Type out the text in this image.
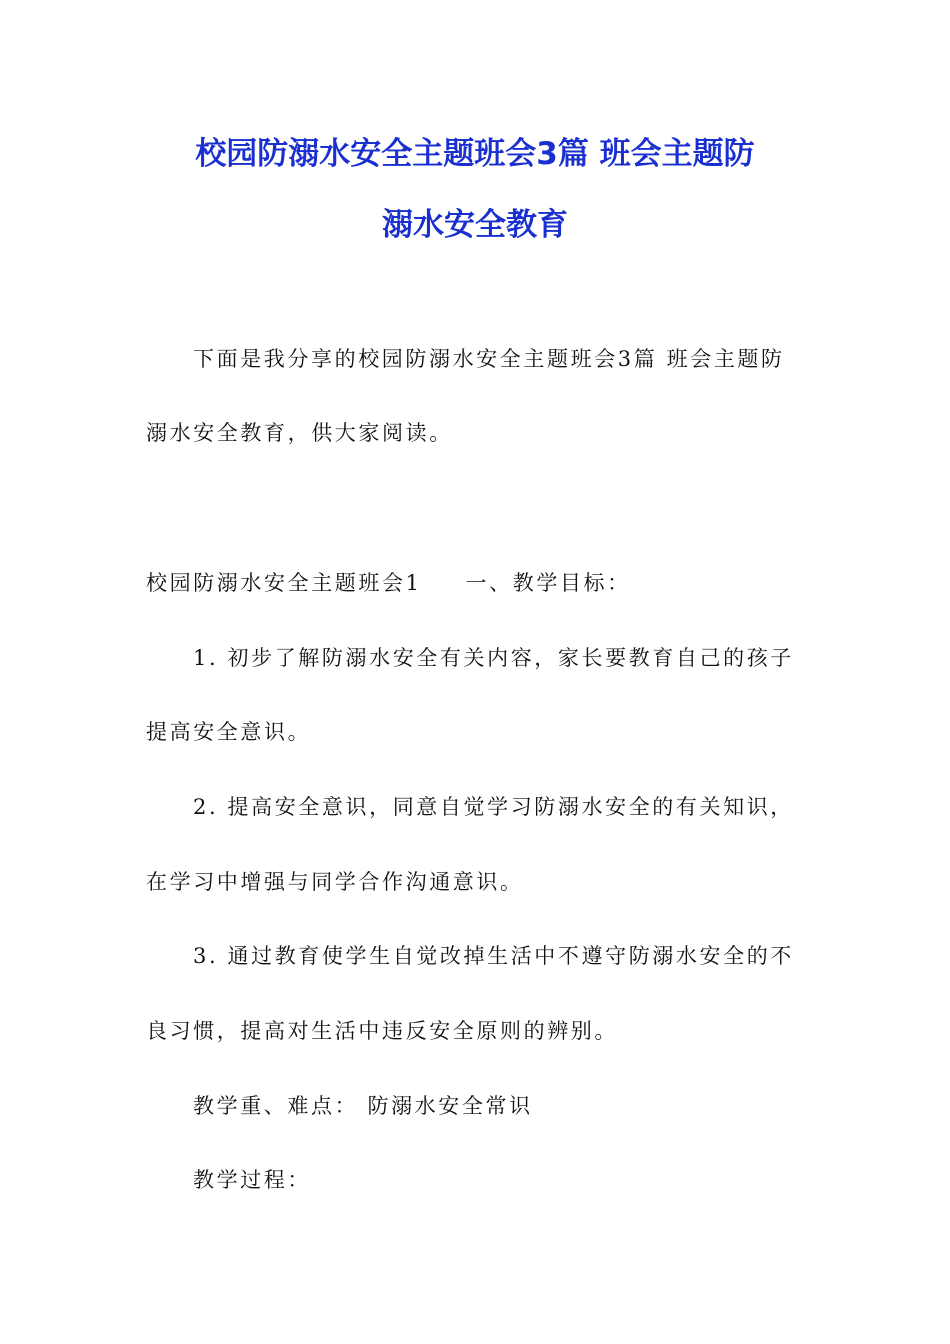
校园防溺水安全主题班会3篇 班会主题防
溺水安全教育
下面是我分享的校园防溺水安全主题班会3篇 班会主题防
溺水安全教育，供大家阅读。
校园防溺水安全主题班会1 一、教学目标：
1. 初步了解防溺水安全有关内容，家长要教育自己的孩子
提高安全意识。
2. 提高安全意识，同意自觉学习防溺水安全的有关知识，
在学习中增强与同学合作沟通意识。
3. 通过教育使学生自觉改掉生活中不遵守防溺水安全的不
良习惯，提高对生活中违反安全原则的辨别。
教学重、难点： 防溺水安全常识
教学过程：
